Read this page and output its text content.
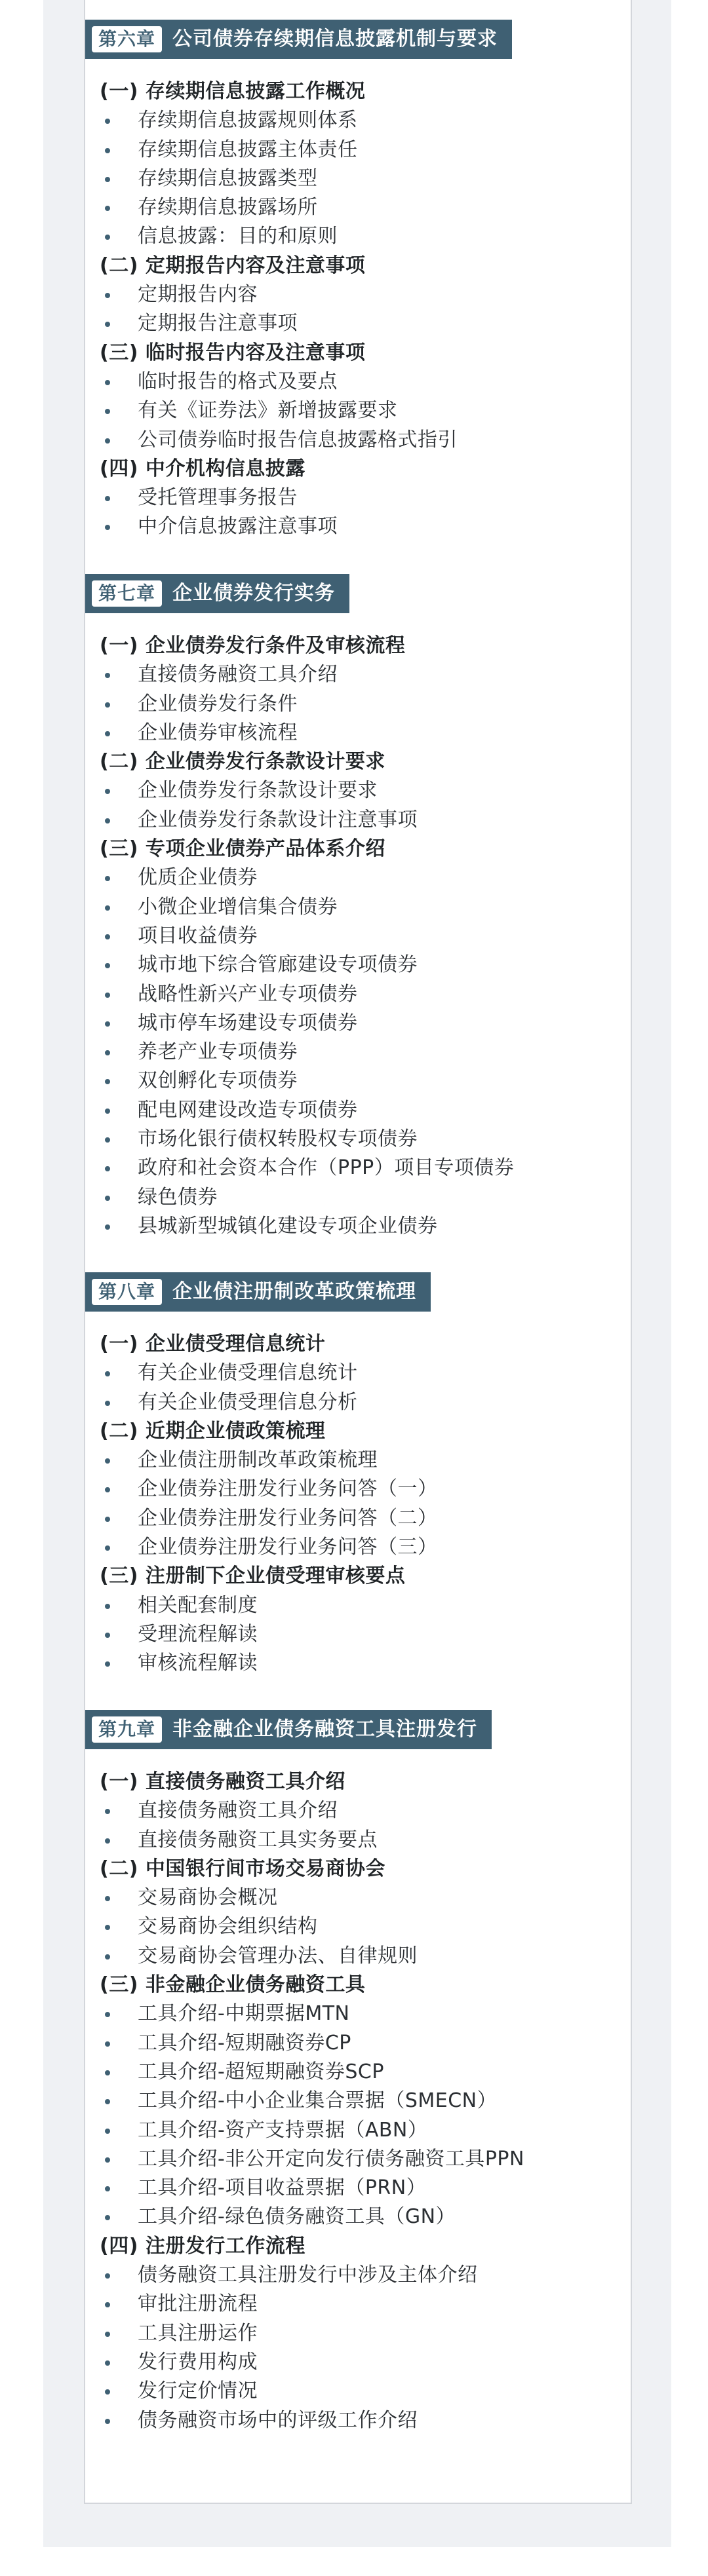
第六章 公司债券存续期信息披露机制与要求
(一) 存续期信息披露工作概况
存续期信息披露规则体系
存续期信息披露主体责任
存续期信息披露类型
存续期信息披露场所
信息披露：目的和原则
(二) 定期报告内容及注意事项
定期报告内容
定期报告注意事项
(三) 临时报告内容及注意事项
临时报告的格式及要点
有关《证券法》新增披露要求
公司债券临时报告信息披露格式指引
(四) 中介机构信息披露
受托管理事务报告
中介信息披露注意事项
第七章 企业债券发行实务
(一) 企业债券发行条件及审核流程
直接债务融资工具介绍
企业债券发行条件
企业债券审核流程
(二) 企业债券发行条款设计要求
企业债券发行条款设计要求
企业债券发行条款设计注意事项
(三) 专项企业债券产品体系介绍
优质企业债券
小微企业增信集合债券
项目收益债券
城市地下综合管廊建设专项债券
战略性新兴产业专项债券
城市停车场建设专项债券
养老产业专项债券
双创孵化专项债券
配电网建设改造专项债券
市场化银行债权转股权专项债券
政府和社会资本合作（PPP）项目专项债券
绿色债券
县城新型城镇化建设专项企业债券
第八章 企业债注册制改革政策梳理
(一) 企业债受理信息统计
有关企业债受理信息统计
有关企业债受理信息分析
(二) 近期企业债政策梳理
企业债注册制改革政策梳理
企业债券注册发行业务问答（一）
企业债券注册发行业务问答（二）
企业债券注册发行业务问答（三）
(三) 注册制下企业债受理审核要点
相关配套制度
受理流程解读
审核流程解读
第九章 非金融企业债务融资工具注册发行
(一) 直接债务融资工具介绍
直接债务融资工具介绍
直接债务融资工具实务要点
(二) 中国银行间市场交易商协会
交易商协会概况
交易商协会组织结构
交易商协会管理办法、自律规则
(三) 非金融企业债务融资工具
工具介绍-中期票据MTN
工具介绍-短期融资券CP
工具介绍-超短期融资券SCP
工具介绍-中小企业集合票据（SMECN）
工具介绍-资产支持票据（ABN）
工具介绍-非公开定向发行债务融资工具PPN
工具介绍-项目收益票据（PRN）
工具介绍-绿色债务融资工具（GN）
(四) 注册发行工作流程
债务融资工具注册发行中涉及主体介绍
审批注册流程
工具注册运作
发行费用构成
发行定价情况
债务融资市场中的评级工作介绍
